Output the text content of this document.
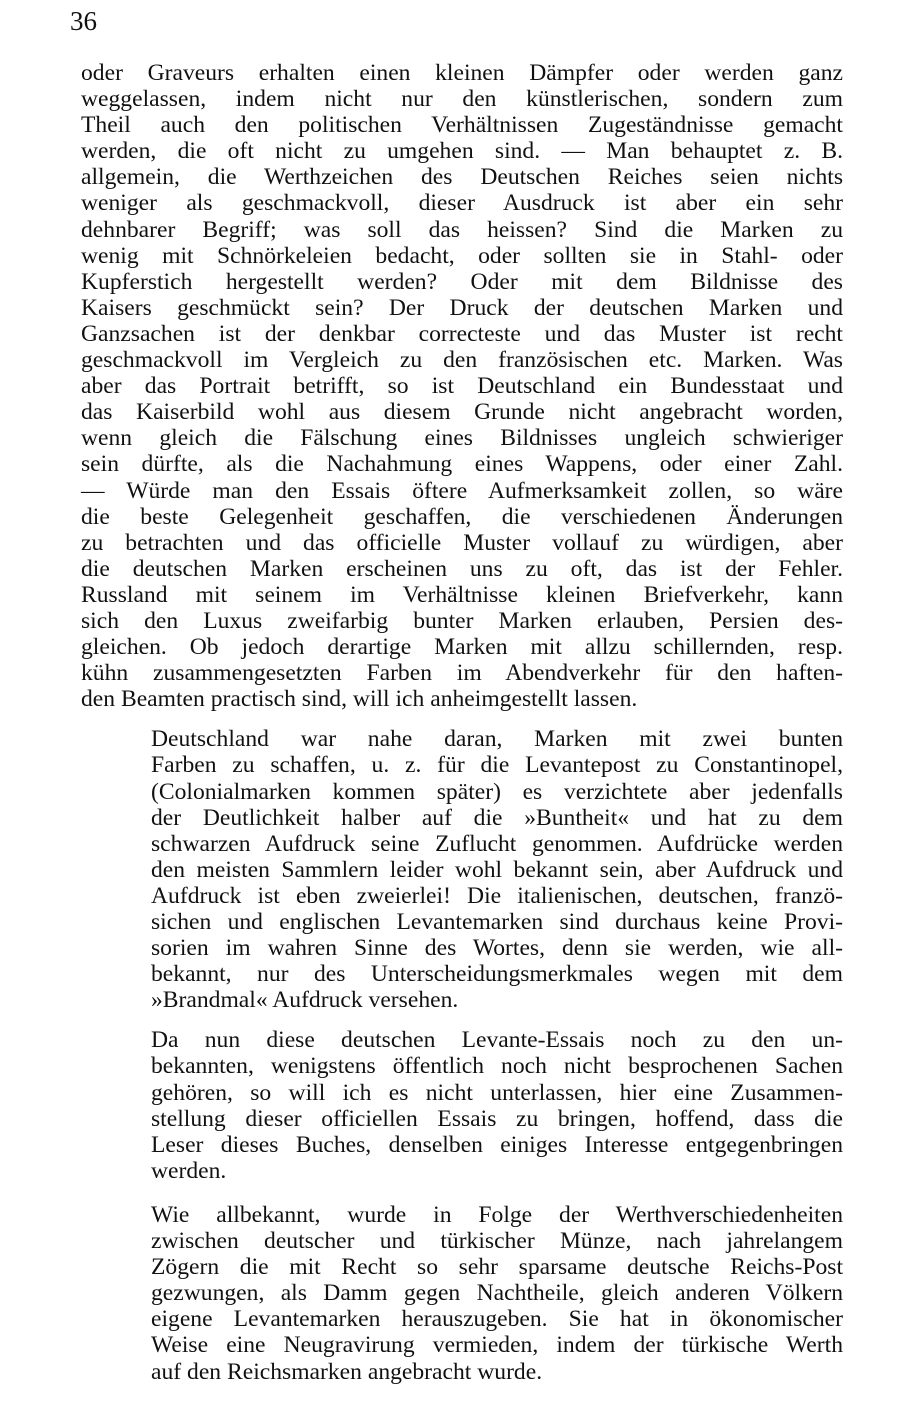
36

oder Graveurs erhalten einen kleinen Dämpfer oder werden ganz
weggelassen, indem nicht nur den künstlerischen, sondern zum
Theil auch den politischen Verhältnissen Zugeständnisse gemacht
werden, die oft nicht zu umgehen sind. — Man behauptet z. B.
allgemein, die Werthzeichen des Deutschen Reiches seien nichts
weniger als geschmackvoll, dieser Ausdruck ist aber ein sehr
dehnbarer Begriff; was soll das heissen? Sind die Marken zu
wenig mit Schnörkeleien bedacht, oder sollten sie in Stahl- oder
Kupferstich hergestellt werden? Oder mit dem Bildnisse des
Kaisers geschmückt sein? Der Druck der deutschen Marken und
Ganzsachen ist der denkbar correcteste und das Muster ist recht
geschmackvoll im Vergleich zu den französischen etc. Marken. Was
aber das Portrait betrifft, so ist Deutschland ein Bundesstaat und
das Kaiserbild wohl aus diesem Grunde nicht angebracht worden,
wenn gleich die Fälschung eines Bildnisses ungleich schwieriger
sein dürfte, als die Nachahmung eines Wappens, oder einer Zahl.
— Würde man den Essais öftere Aufmerksamkeit zollen, so wäre
die beste Gelegenheit geschaffen, die verschiedenen Änderungen
zu betrachten und das officielle Muster vollauf zu würdigen, aber
die deutschen Marken erscheinen uns zu oft, das ist der Fehler.
Russland mit seinem im Verhältnisse kleinen Briefverkehr, kann
sich den Luxus zweifarbig bunter Marken erlauben, Persien des-
gleichen. Ob jedoch derartige Marken mit allzu schillernden, resp.
kühn zusammengesetzten Farben im Abendverkehr für den haften-
den Beamten practisch sind, will ich anheimgestellt lassen.

Deutschland war nahe daran, Marken mit zwei bunten
Farben zu schaffen, u. z. für die Levantepost zu Constantinopel,
(Colonialmarken kommen später) es verzichtete aber jedenfalls
der Deutlichkeit halber auf die »Buntheit« und hat zu dem
schwarzen Aufdruck seine Zuflucht genommen. Aufdrücke werden
den meisten Sammlern leider wohl bekannt sein, aber Aufdruck und
Aufdruck ist eben zweierlei! Die italienischen, deutschen, franzö-
sichen und englischen Levantemarken sind durchaus keine Provi-
sorien im wahren Sinne des Wortes, denn sie werden, wie all-
bekannt, nur des Unterscheidungsmerkmales wegen mit dem
»Brandmal« Aufdruck versehen.

Da nun diese deutschen Levante-Essais noch zu den un-
bekannten, wenigstens öffentlich noch nicht besprochenen Sachen
gehören, so will ich es nicht unterlassen, hier eine Zusammen-
stellung dieser officiellen Essais zu bringen, hoffend, dass die
Leser dieses Buches, denselben einiges Interesse entgegenbringen
werden.

Wie allbekannt, wurde in Folge der Werthverschiedenheiten
zwischen deutscher und türkischer Münze, nach jahrelangem
Zögern die mit Recht so sehr sparsame deutsche Reichs-Post
gezwungen, als Damm gegen Nachtheile, gleich anderen Völkern
eigene Levantemarken herauszugeben. Sie hat in ökonomischer
Weise eine Neugravirung vermieden, indem der türkische Werth
auf den Reichsmarken angebracht wurde.
